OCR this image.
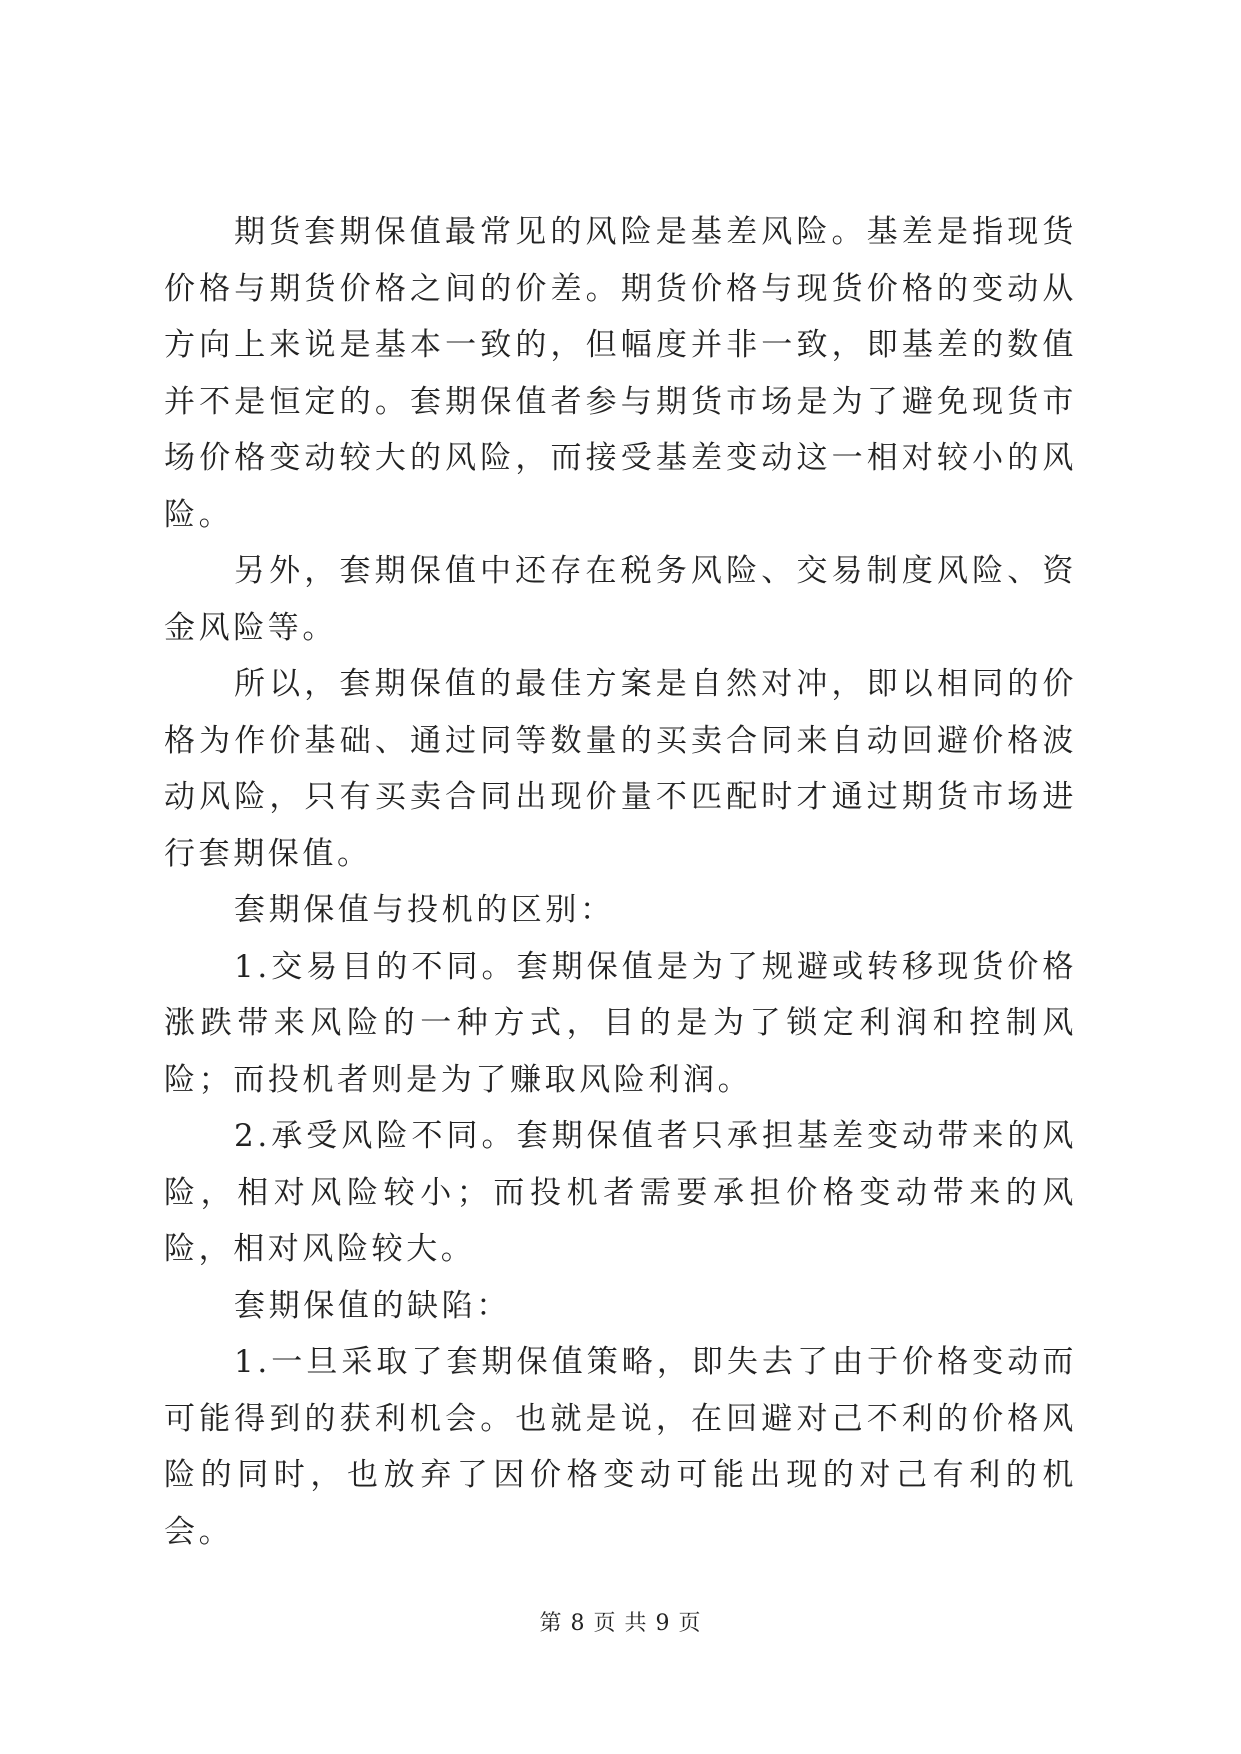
期货套期保值最常见的风险是基差风险。基差是指现货价格与期货价格之间的价差。期货价格与现货价格的变动从方向上来说是基本一致的，但幅度并非一致，即基差的数值并不是恒定的。套期保值者参与期货市场是为了避免现货市场价格变动较大的风险，而接受基差变动这一相对较小的风险。

另外，套期保值中还存在税务风险、交易制度风险、资金风险等。

所以，套期保值的最佳方案是自然对冲，即以相同的价格为作价基础、通过同等数量的买卖合同来自动回避价格波动风险，只有买卖合同出现价量不匹配时才通过期货市场进行套期保值。

套期保值与投机的区别：

1.交易目的不同。套期保值是为了规避或转移现货价格涨跌带来风险的一种方式，目的是为了锁定利润和控制风险；而投机者则是为了赚取风险利润。

2.承受风险不同。套期保值者只承担基差变动带来的风险，相对风险较小；而投机者需要承担价格变动带来的风险，相对风险较大。

套期保值的缺陷：

1.一旦采取了套期保值策略，即失去了由于价格变动而可能得到的获利机会。也就是说，在回避对己不利的价格风险的同时，也放弃了因价格变动可能出现的对己有利的机会。

第 8 页 共 9 页
